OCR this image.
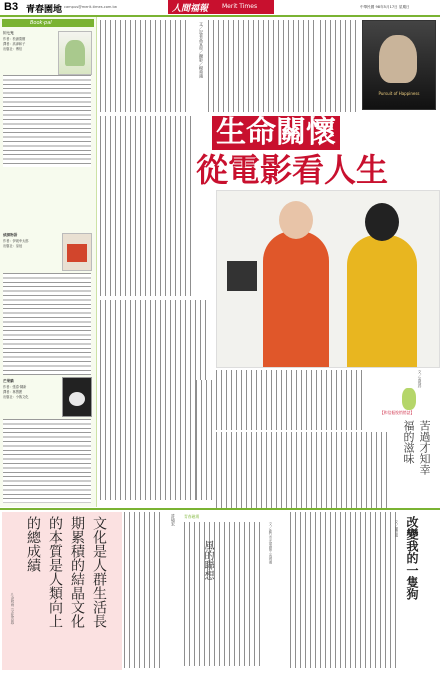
B3 青春園地 campus@merit-times.com.tw	人間福報 Merit Times	中華民國 98年5月17日 星期日
Book·pal
川七光
作者：松浦寬樹
譯者：高津和子
出版社：博信
偵探物語
作者：伊坂幸太郎
出版社：皇冠
芒果貓
作者：張春·陳新
譯者：林慧麗
出版社：小魯文化
文／記者高宜彤／攝影／楊舜鴻
Pursuit of Happiness
生命關懷
從電影看人生
文／黃瑤玲
【和信振悅悄悄話】
苦過才知幸福的滋味
文化是人群生活長
期累積的結晶文化
的本質是人類向上
的總成績
△余秋雨《文化苦旅》
許境宏 青春磁場
風的聯想	文／新竹市光華國中 黃琇湘	改變我的一隻狗
文／陳思嵐
